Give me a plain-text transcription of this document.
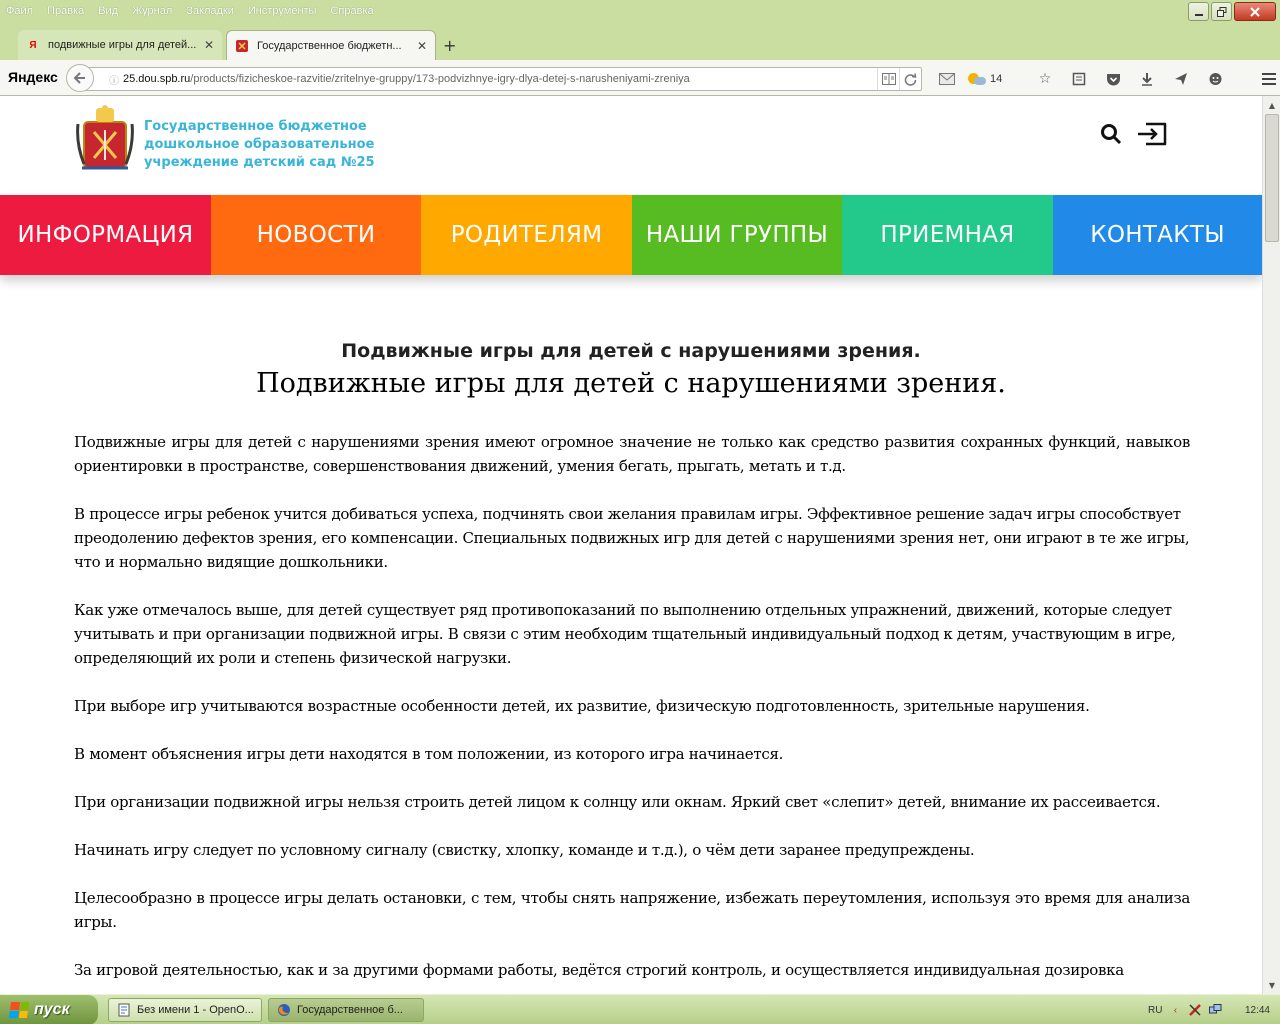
Файл Правка Вид Журнал Закладки Инструменты Справка
Я	подвижные игры для детей... ✕	Государственное бюджетн...	✕ +
Яндекс	ⓘ 25.dou.spb.ru/products/fizicheskoe-razvitie/zritelnye-gruppy/173-podvizhnye-igry-dlya-detej-s-narusheniyami-zreniya	14	☆
Государственное бюджетное дошкольное образовательное учреждение детский сад №25
ИНФОРМАЦИЯ	НОВОСТИ	РОДИТЕЛЯМ	НАШИ ГРУППЫ	ПРИЕМНАЯ	КОНТАКТЫ
Подвижные игры для детей с нарушениями зрения.
Подвижные игры для детей с нарушениями зрения.

Подвижные игры для детей с нарушениями зрения имеют огромное значение не только как средство развития сохранных функций, навыков ориентировки в пространстве, совершенствования движений, умения бегать, прыгать, метать и т.д.

В процессе игры ребенок учится добиваться успеха, подчинять свои желания правилам игры. Эффективное решение задач игры способствует преодолению дефектов зрения, его компенсации. Специальных подвижных игр для детей с нарушениями зрения нет, они играют в те же игры, что и нормально видящие дошкольники.

Как уже отмечалось выше, для детей существует ряд противопоказаний по выполнению отдельных упражнений, движений, которые следует учитывать и при организации подвижной игры. В связи с этим необходим тщательный индивидуальный подход к детям, участвующим в игре, определяющий их роли и степень физической нагрузки.

При выборе игр учитываются возрастные особенности детей, их развитие, физическую подготовленность, зрительные нарушения.

В момент объяснения игры дети находятся в том положении, из которого игра начинается.

При организации подвижной игры нельзя строить детей лицом к солнцу или окнам. Яркий свет «слепит» детей, внимание их рассеивается.

Начинать игру следует по условному сигналу (свистку, хлопку, команде и т.д.), о чём дети заранее предупреждены.

Целесообразно в процессе игры делать остановки, с тем, чтобы снять напряжение, избежать переутомления, используя это время для анализа игры.

За игровой деятельностью, как и за другими формами работы, ведётся строгий контроль, и осуществляется индивидуальная дозировка

▲
▼
пуск	Без имени 1 - OpenO...	Государственное б...	RU	‹	12:44
